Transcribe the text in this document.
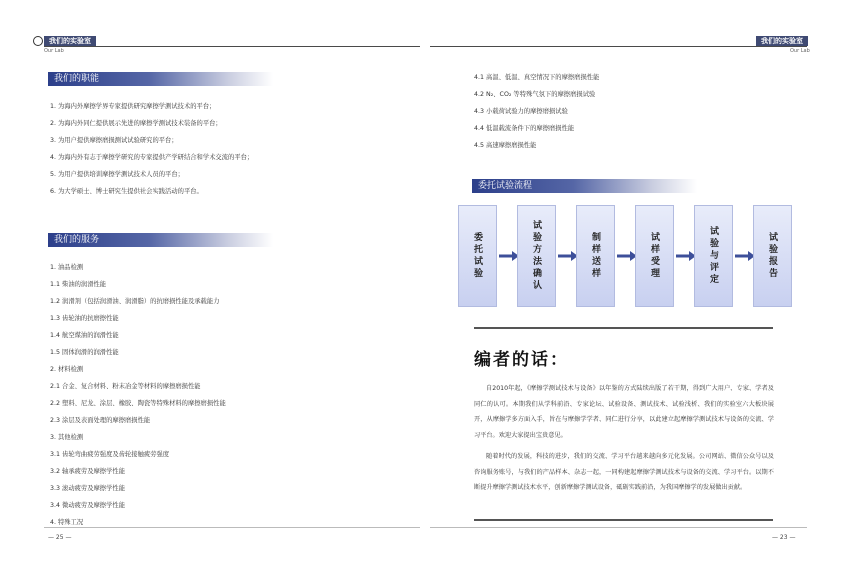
我们的实验室
Our Lab
我们的职能
1. 为海内外摩擦学界专家提供研究摩擦学测试技术的平台；
2. 为海内外同仁提供展示先进的摩擦学测试技术装备的平台；
3. 为用户提供摩擦磨损测试试验研究的平台；
4. 为海内外有志于摩擦学研究的专家提供产学研结合和学术交流的平台；
5. 为用户提供培训摩擦学测试技术人员的平台；
6. 为大学硕士、博士研究生提供社会实践活动的平台。
我们的服务
1. 油品检测
1.1 柴油的润滑性能
1.2 润滑剂（包括润滑油、润滑脂）的抗磨损性能及承载能力
1.3 齿轮油的抗磨擦性能
1.4 航空煤油的润滑性能
1.5 固体润滑的润滑性能
2. 材料检测
2.1 合金、复合材料、粉末冶金等材料的摩擦磨损性能
2.2 塑料、尼龙、涂层、橡胶、陶瓷等特殊材料的摩擦磨损性能
2.3 涂层及表面处理的摩擦磨损性能
3. 其他检测
3.1 齿轮弯曲疲劳强度及齿轮接触疲劳强度
3.2 轴承疲劳及摩擦学性能
3.3 滚动疲劳及摩擦学性能
3.4 微动疲劳及摩擦学性能
4. 特殊工况
— 25 —
我们的实验室
Our Lab
4.1 高温、低温、真空情况下的摩擦磨损性能
4.2 N₂、CO₂ 等特殊气氛下的摩擦磨损试验
4.3 小载荷试验力的摩擦磨损试验
4.4 低温载流条件下的摩擦磨损性能
4.5 高速摩擦磨损性能
委托试验流程
委托试验	试验方法确认	制样送样	试样受理	试验与评定	试验报告
编者的话：

自2010年起，《摩擦学测试技术与设备》以年鉴的方式陆续出版了若干期，得到广大用户、专家、学者及同仁的认可。本期我们从学科前沿、专家论坛、试验设备、测试技术、试验浅析、我们的实验室六大板块展开，从摩擦学多方面入手，旨在与摩擦学学者、同仁进行分享，以此建立起摩擦学测试技术与设备的交流、学习平台。欢迎大家提出宝贵意见。

随着时代的发展，科技的进步，我们的交流、学习平台越来越向多元化发展。公司网站、微信公众号以及咨询服务账号，与我们的产品样本、杂志一起，一同构建起摩擦学测试技术与设备的交流、学习平台。以期不断提升摩擦学测试技术水平，创新摩擦学测试设备，砥砺实践前沿，为我国摩擦学的发展做出贡献。

— 23 —
